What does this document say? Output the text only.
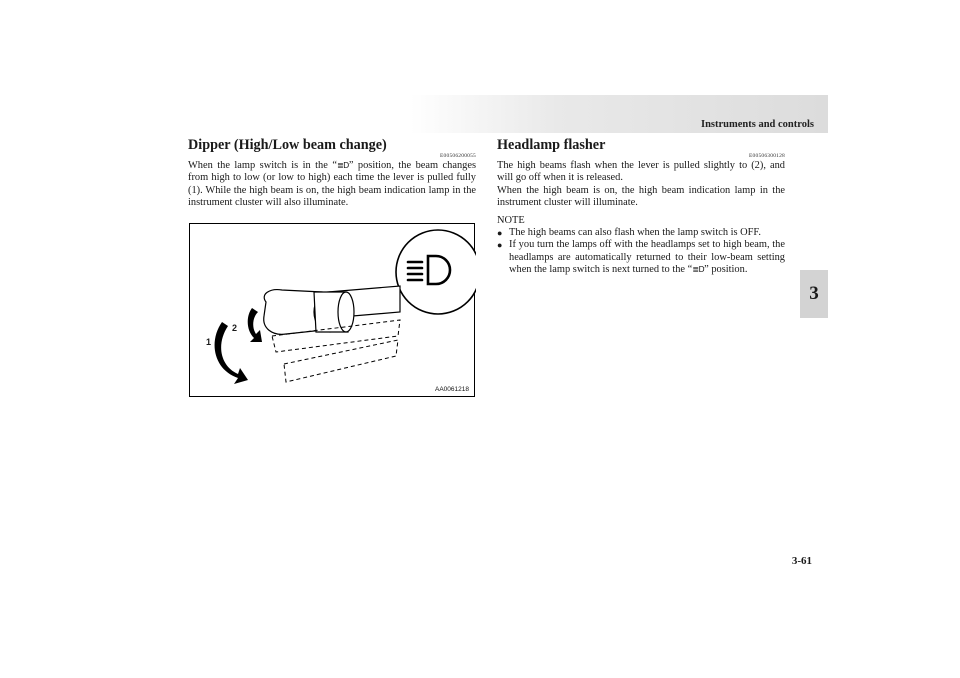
Instruments and controls
3
3-61
Dipper (High/Low beam change)
E00506200055

When the lamp switch is in the “≣D” position, the beam changes from high to low (or low to high) each time the lever is pulled fully (1). While the high beam is on, the high beam indication lamp in the instrument cluster will also illuminate.

1
2
AA0061218
Headlamp flasher
E00506300128

The high beams flash when the lever is pulled slightly to (2), and will go off when it is released.

When the high beam is on, the high beam indication lamp in the instrument cluster will illuminate.

NOTE
● The high beams can also flash when the lamp switch is OFF.
● If you turn the lamps off with the headlamps set to high beam, the headlamps are automatically returned to their low-beam setting when the lamp switch is next turned to the “≣D” position.
